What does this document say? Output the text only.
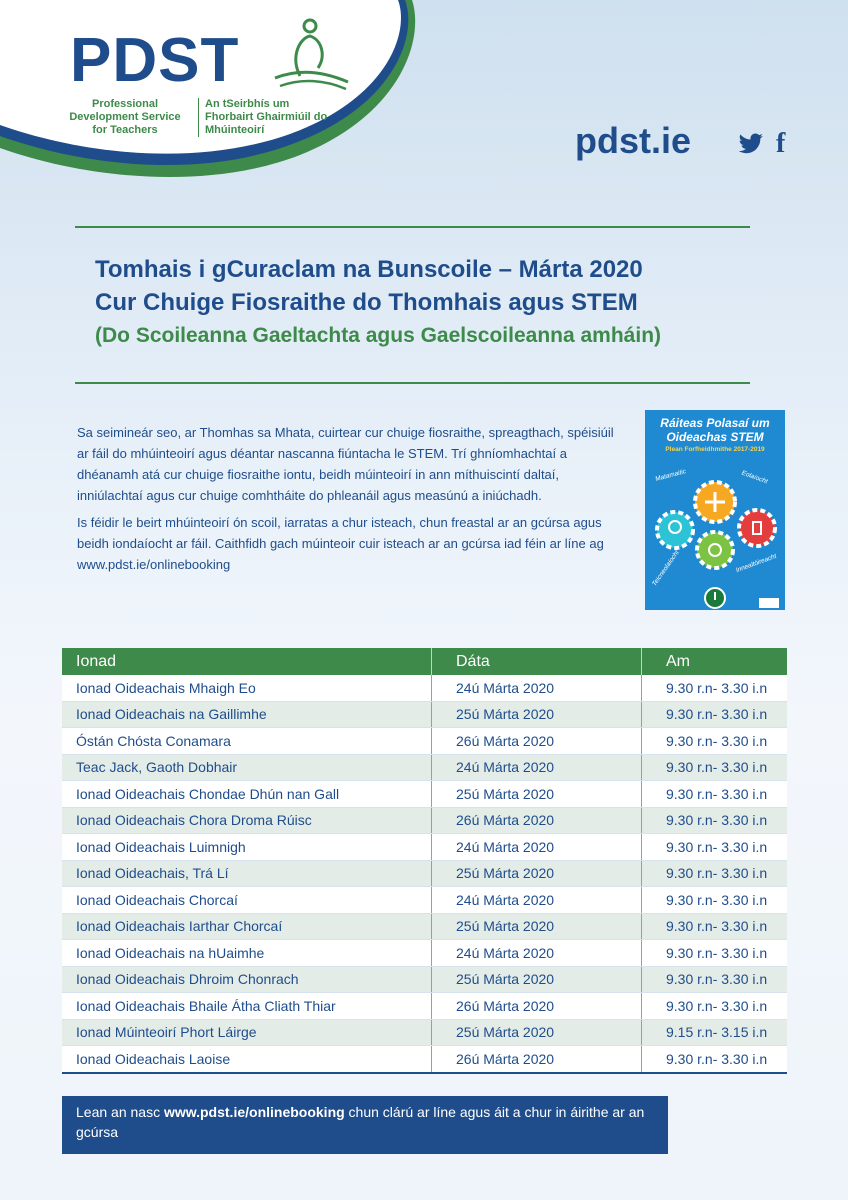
PDST
Professional Development Service for Teachers
An tSeirbhís um Fhorbairt Ghairmiúil do Mhúinteoirí	pdst.ie	f
Tomhais i gCuraclam na Bunscoile – Márta 2020
Cur Chuige Fiosraithe do Thomhais agus STEM
(Do Scoileanna Gaeltachta agus Gaelscoileanna amháin)

Sa seimineár seo, ar Thomhas sa Mhata, cuirtear cur chuige fiosraithe, spreagthach, spéisiúil ar fáil do mhúinteoirí agus déantar nascanna fiúntacha le STEM. Trí ghníomhachtaí a dhéanamh atá cur chuige fiosraithe iontu, beidh múinteoirí in ann míthuiscintí daltaí, inniúlachtaí agus cur chuige comhtháite do phleanáil agus measúnú a iniúchadh.

Is féidir le beirt mhúinteoirí ón scoil, iarratas a chur isteach, chun freastal ar an gcúrsa agus beidh iondaíocht ar fáil. Caithfidh gach múinteoir cuir isteach ar an gcúrsa iad féin ar líne ag www.pdst.ie/onlinebooking

Ráiteas Polasaí um Oideachas STEM
Plean Forfheidhmithe 2017-2019
Matamaitic	Eolaíocht
Innealtóireacht
Teicneolaíocht
Ionad	Dáta	Am
Ionad Oideachais Mhaigh Eo	24ú Márta 2020	9.30 r.n- 3.30 i.n
Ionad Oideachais na Gaillimhe	25ú Márta 2020	9.30 r.n- 3.30 i.n
Óstán Chósta Conamara	26ú Márta 2020	9.30 r.n- 3.30 i.n
Teac Jack, Gaoth Dobhair	24ú Márta 2020	9.30 r.n- 3.30 i.n
Ionad Oideachais Chondae Dhún nan Gall	25ú Márta 2020	9.30 r.n- 3.30 i.n
Ionad Oideachais Chora Droma Rúisc	26ú Márta 2020	9.30 r.n- 3.30 i.n
Ionad Oideachais Luimnigh	24ú Márta 2020	9.30 r.n- 3.30 i.n
Ionad Oideachais, Trá Lí	25ú Márta 2020	9.30 r.n- 3.30 i.n
Ionad Oideachais Chorcaí	24ú Márta 2020	9.30 r.n- 3.30 i.n
Ionad Oideachais Iarthar Chorcaí	25ú Márta 2020	9.30 r.n- 3.30 i.n
Ionad Oideachais na hUaimhe	24ú Márta 2020	9.30 r.n- 3.30 i.n
Ionad Oideachais Dhroim Chonrach	25ú Márta 2020	9.30 r.n- 3.30 i.n
Ionad Oideachais Bhaile Átha Cliath Thiar	26ú Márta 2020	9.30 r.n- 3.30 i.n
Ionad Múinteoirí Phort Láirge	25ú Márta 2020	9.15 r.n- 3.15 i.n
Ionad Oideachais Laoise	26ú Márta 2020	9.30 r.n- 3.30 i.n
Lean an nasc www.pdst.ie/onlinebooking chun clárú ar líne agus áit a chur in áirithe ar an gcúrsa
